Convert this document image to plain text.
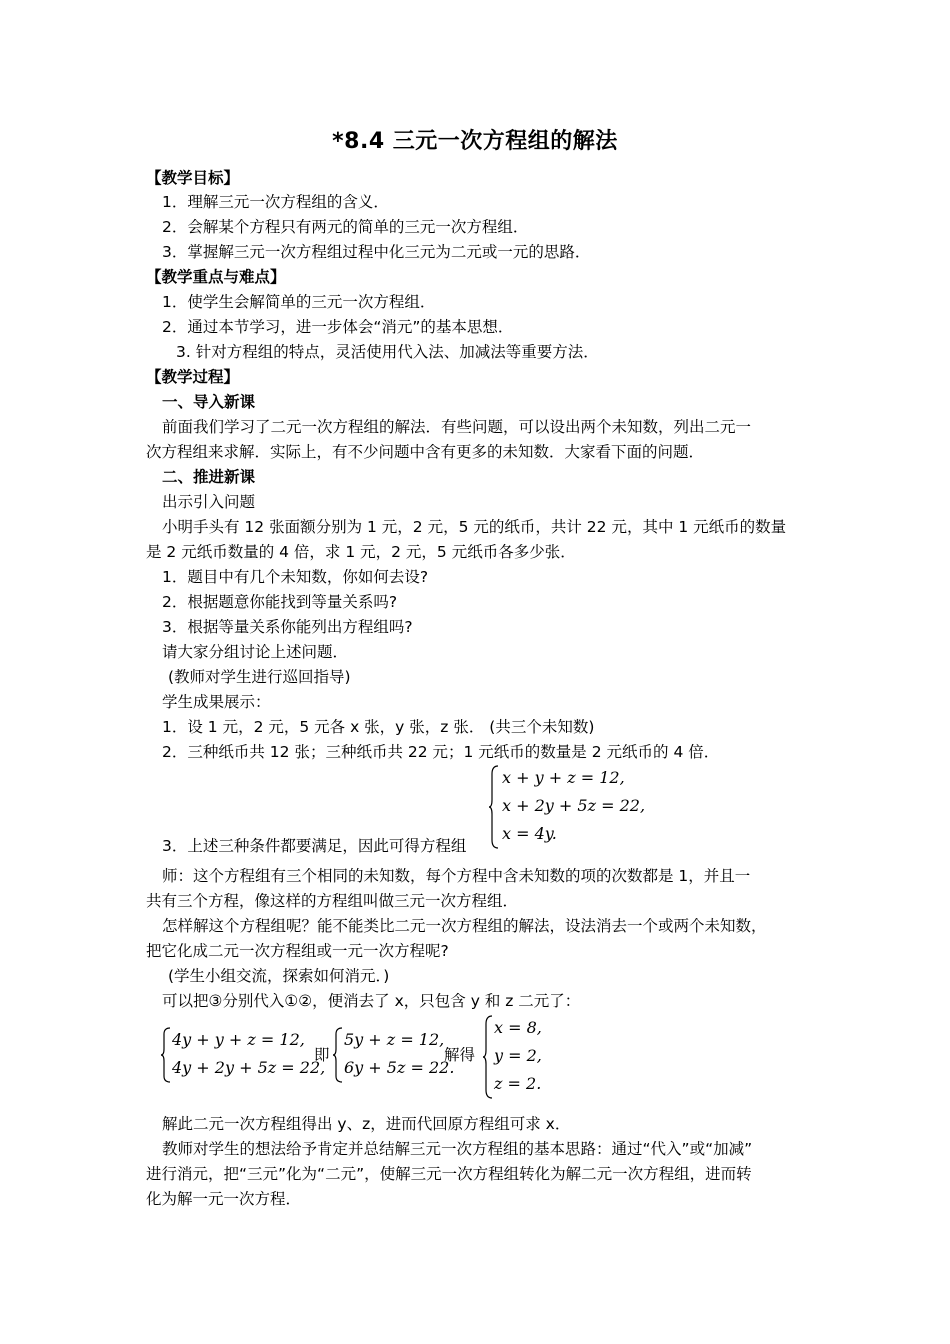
*8.4 三元一次方程组的解法
【教学目标】
1．理解三元一次方程组的含义．
2．会解某个方程只有两元的简单的三元一次方程组．
3．掌握解三元一次方程组过程中化三元为二元或一元的思路．
【教学重点与难点】
1．使学生会解简单的三元一次方程组．
2．通过本节学习，进一步体会“消元”的基本思想．
3. 针对方程组的特点，灵活使用代入法、加减法等重要方法．
【教学过程】
一、导入新课
前面我们学习了二元一次方程组的解法．有些问题，可以设出两个未知数，列出二元一
次方程组来求解．实际上，有不少问题中含有更多的未知数．大家看下面的问题．
二、推进新课
出示引入问题
小明手头有 12 张面额分别为 1 元，2 元，5 元的纸币，共计 22 元，其中 1 元纸币的数量
是 2 元纸币数量的 4 倍，求 1 元，2 元，5 元纸币各多少张．
1．题目中有几个未知数，你如何去设?
2．根据题意你能找到等量关系吗?
3．根据等量关系你能列出方程组吗?
请大家分组讨论上述问题．
(教师对学生进行巡回指导)
学生成果展示：
1．设 1 元，2 元，5 元各 x 张，y 张，z 张． (共三个未知数)
2．三种纸币共 12 张；三种纸币共 22 元；1 元纸币的数量是 2 元纸币的 4 倍．
x + y + z = 12,
x + 2y + 5z = 22,
x = 4y.
3．上述三种条件都要满足，因此可得方程组
师：这个方程组有三个相同的未知数，每个方程中含未知数的项的次数都是 1，并且一
共有三个方程，像这样的方程组叫做三元一次方程组．
怎样解这个方程组呢？能不能类比二元一次方程组的解法，设法消去一个或两个未知数，
把它化成二元一次方程组或一元一次方程呢?
(学生小组交流，探索如何消元．)
可以把③分别代入①②，便消去了 x，只包含 y 和 z 二元了：
4y + y + z = 12,
4y + 2y + 5z = 22,
即
5y + z = 12,
6y + 5z = 22.
解得
x = 8,
y = 2,
z = 2.
解此二元一次方程组得出 y、z，进而代回原方程组可求 x．
教师对学生的想法给予肯定并总结解三元一次方程组的基本思路：通过“代入”或“加减”
进行消元，把“三元”化为“二元”，使解三元一次方程组转化为解二元一次方程组，进而转
化为解一元一次方程．
